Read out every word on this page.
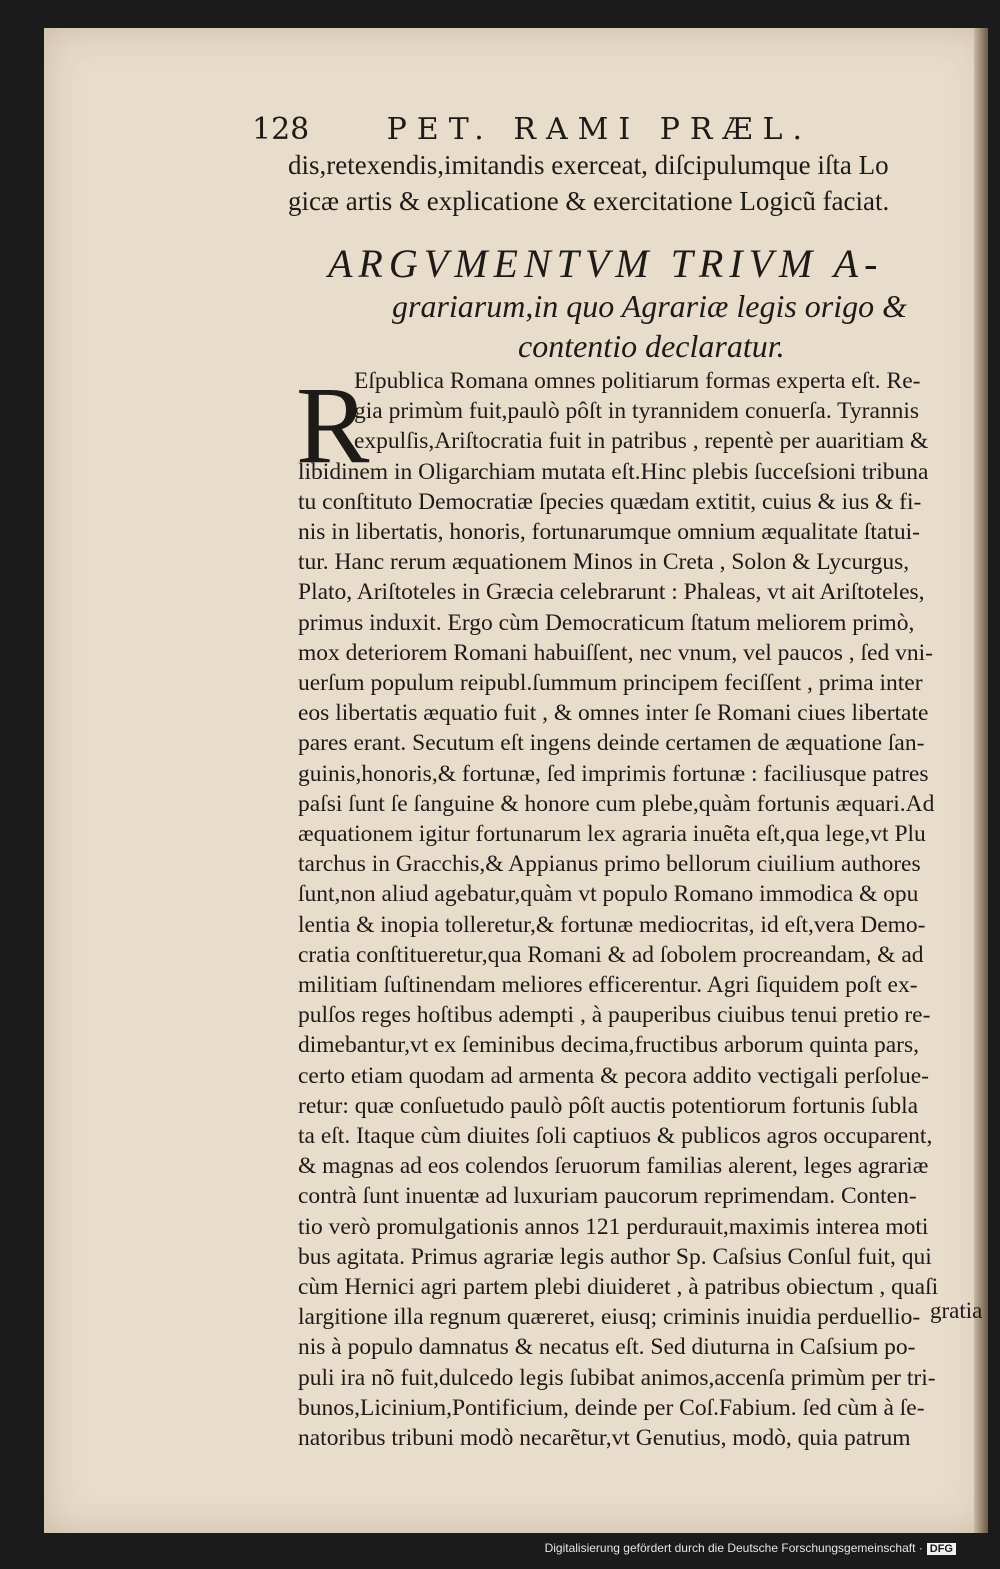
128	PET. RAMI PRÆL.
dis,retexendis,imitandis exerceat, diſcipulumque iſta Lo
gicæ artis & explicatione & exercitatione Logicũ faciat.
ARGVMENTVM TRIVM A-
grariarum,in quo Agrariæ legis origo &
contentio declaratur.
R
Eſpublica Romana omnes politiarum formas experta eſt. Re-
gia primùm fuit,paulò pôſt in tyrannidem conuerſa. Tyrannis
expulſis,Ariſtocratia fuit in patribus , repentè per auaritiam &
libidinem in Oligarchiam mutata eſt.Hinc plebis ſucceſsioni tribuna
tu conſtituto Democratiæ ſpecies quædam extitit, cuius & ius & fi-
nis in libertatis, honoris, fortunarumque omnium æqualitate ſtatui-
tur. Hanc rerum æquationem Minos in Creta , Solon & Lycurgus,
Plato, Ariſtoteles in Græcia celebrarunt : Phaleas, vt ait Ariſtoteles,
primus induxit. Ergo cùm Democraticum ſtatum meliorem primò,
mox deteriorem Romani habuiſſent, nec vnum, vel paucos , ſed vni-
uerſum populum reipubl.ſummum principem feciſſent , prima inter
eos libertatis æquatio fuit , & omnes inter ſe Romani ciues libertate
pares erant. Secutum eſt ingens deinde certamen de æquatione ſan-
guinis,honoris,& fortunæ, ſed imprimis fortunæ : faciliusque patres
paſsi ſunt ſe ſanguine & honore cum plebe,quàm fortunis æquari.Ad
æquationem igitur fortunarum lex agraria inuẽta eſt,qua lege,vt Plu
tarchus in Gracchis,& Appianus primo bellorum ciuilium authores
ſunt,non aliud agebatur,quàm vt populo Romano immodica & opu
lentia & inopia tolleretur,& fortunæ mediocritas, id eſt,vera Demo-
cratia conſtitueretur,qua Romani & ad ſobolem procreandam, & ad
militiam ſuſtinendam meliores efficerentur. Agri ſiquidem poſt ex-
pulſos reges hoſtibus adempti , à pauperibus ciuibus tenui pretio re-
dimebantur,vt ex ſeminibus decima,fructibus arborum quinta pars,
certo etiam quodam ad armenta & pecora addito vectigali perſolue-
retur: quæ conſuetudo paulò pôſt auctis potentiorum fortunis ſubla
ta eſt. Itaque cùm diuites ſoli captiuos & publicos agros occuparent,
& magnas ad eos colendos ſeruorum familias alerent, leges agrariæ
contrà ſunt inuentæ ad luxuriam paucorum reprimendam. Conten-
tio verò promulgationis annos 121 perdurauit,maximis interea moti
bus agitata. Primus agrariæ legis author Sp. Caſsius Conſul fuit, qui
cùm Hernici agri partem plebi diuideret , à patribus obiectum , quaſi
largitione illa regnum quæreret, eiusq; criminis inuidia perduellio-
nis à populo damnatus & necatus eſt. Sed diuturna in Caſsium po-
puli ira nõ fuit,dulcedo legis ſubibat animos,accenſa primùm per tri-
bunos,Licinium,Pontificium, deinde per Coſ.Fabium. ſed cùm à ſe-
natoribus tribuni modò necarẽtur,vt Genutius, modò, quia patrum
gratia
Digitalisierung gefördert durch die Deutsche Forschungsgemeinschaft · DFG
